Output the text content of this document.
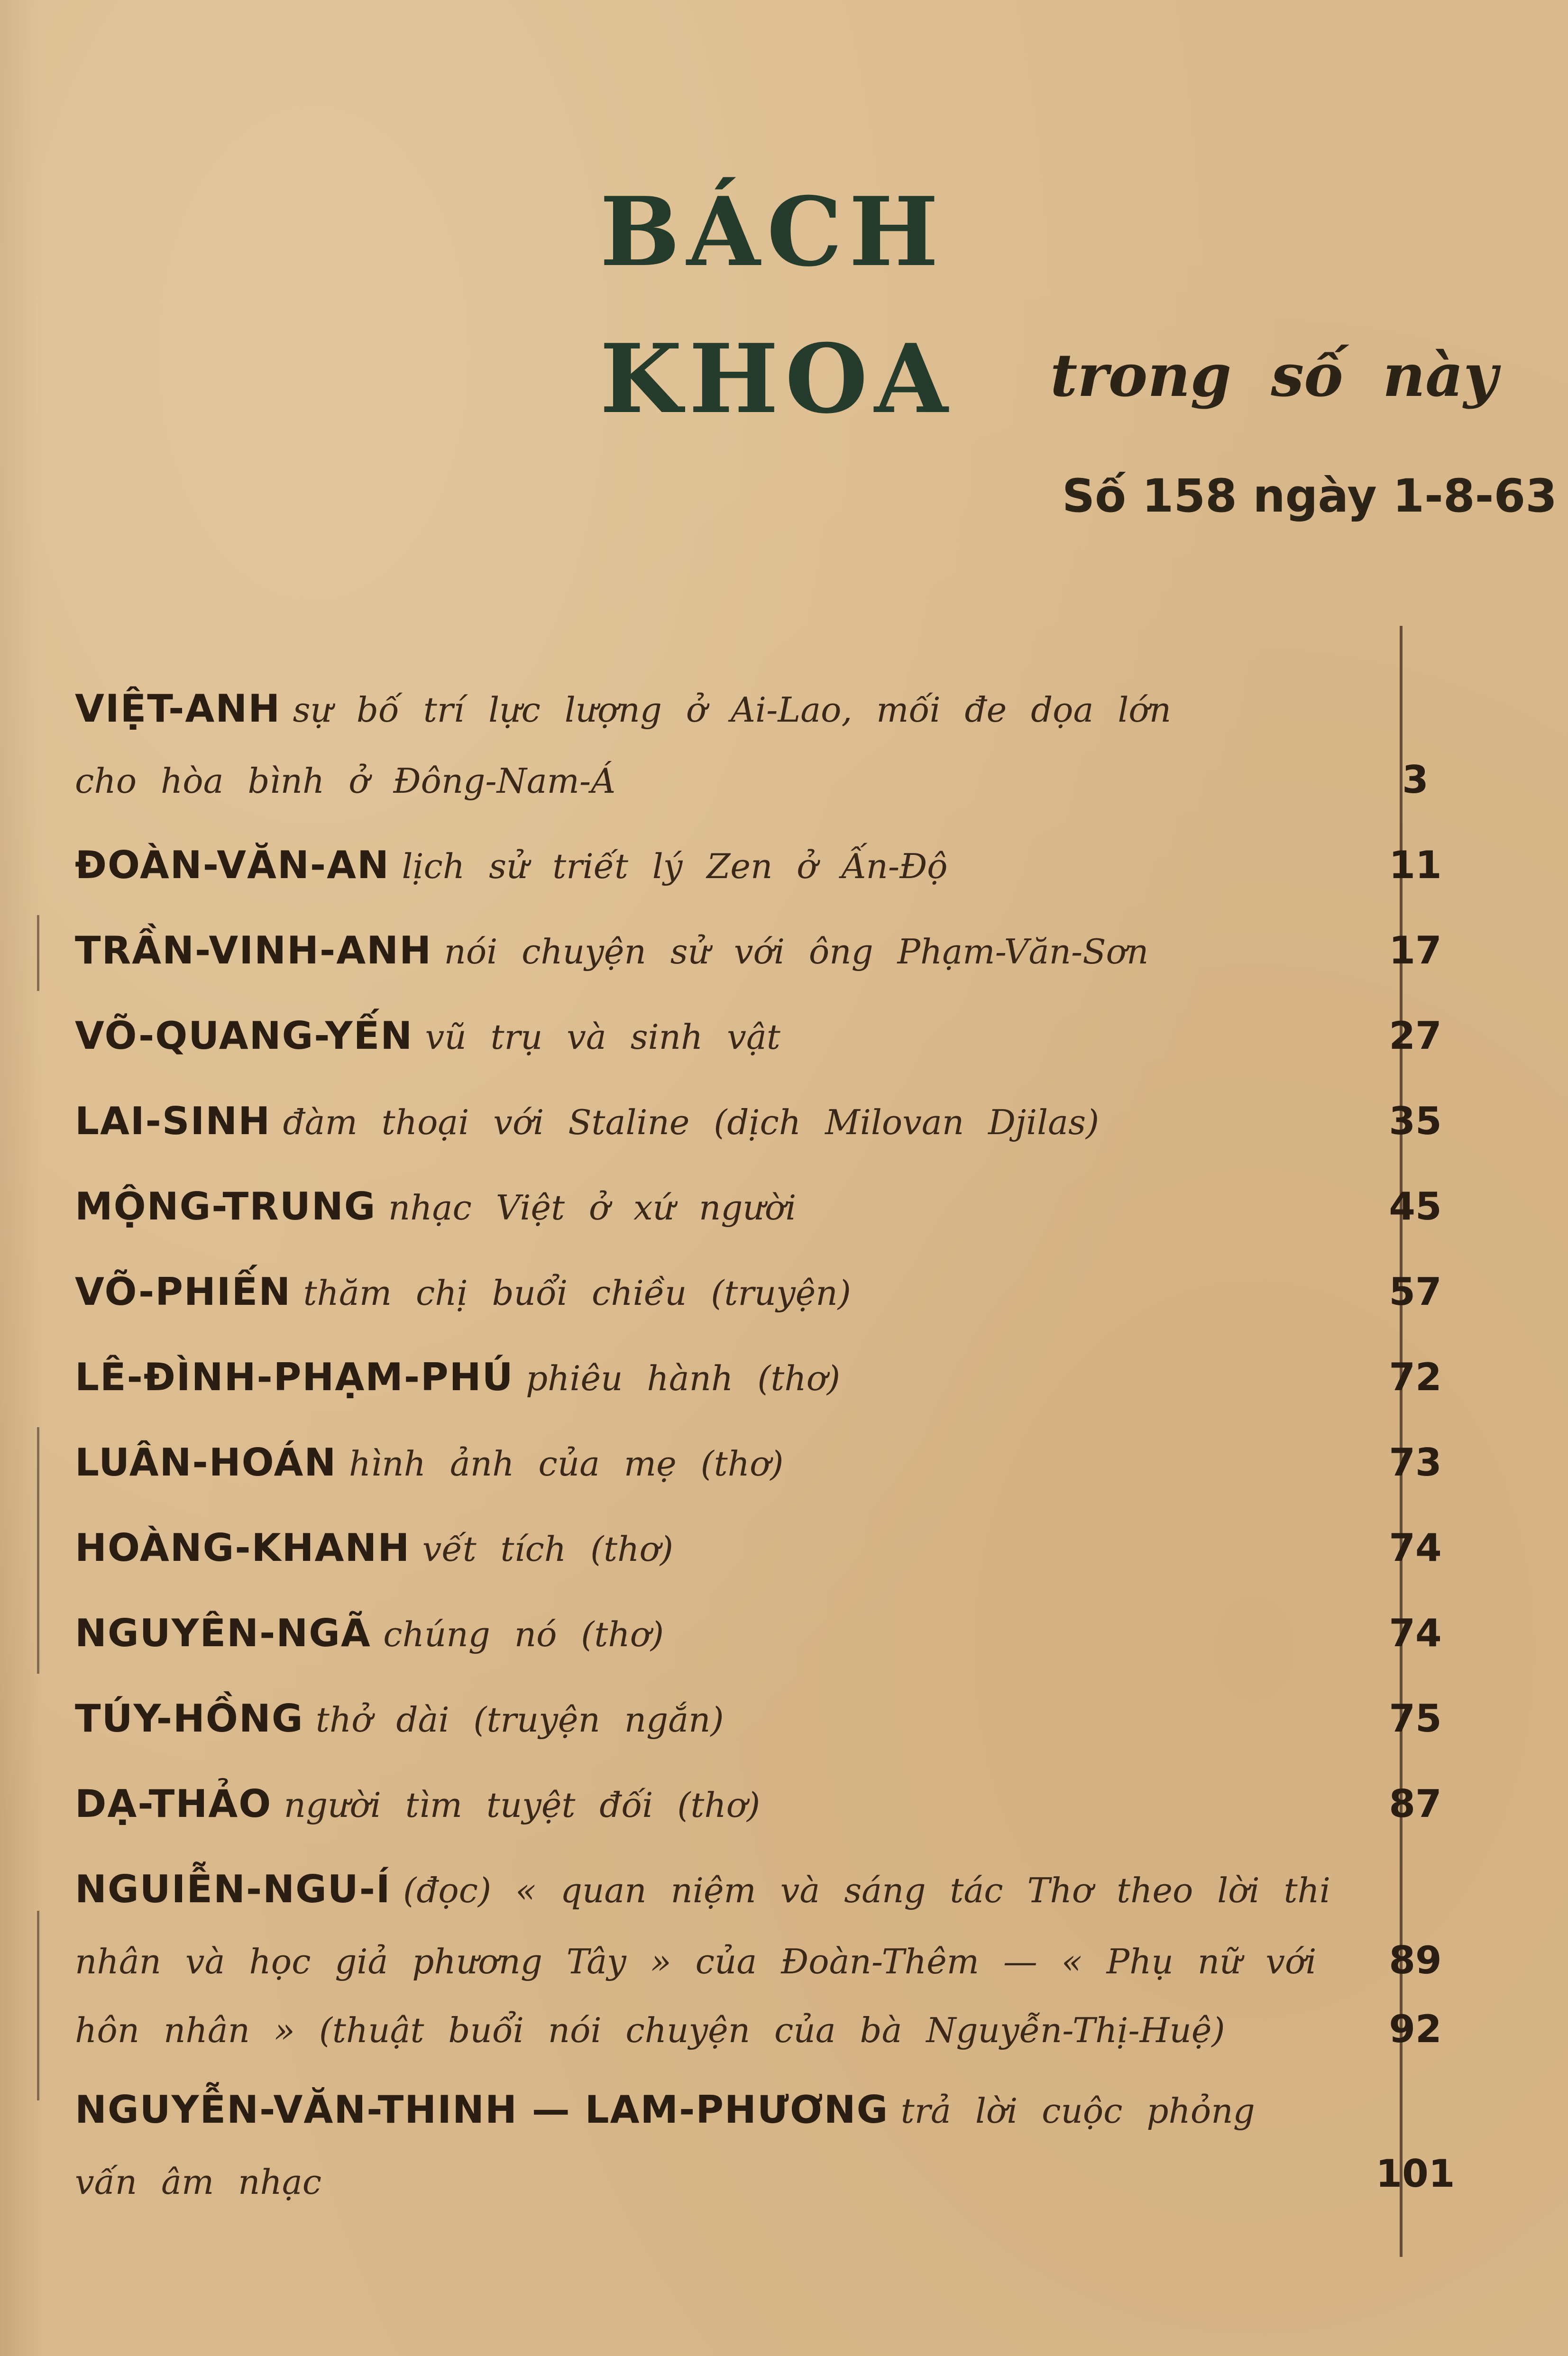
BÁCH
KHOA trong số này
Số 158 ngày 1-8-63
VIỆT-ANH sự bố trí lực lượng ở Ai-Lao, mối đe dọa lớn
cho hòa bình ở Đông-Nam-Á
ĐOÀN-VĂN-AN lịch sử triết lý Zen ở Ấn-Độ
TRẦN-VINH-ANH nói chuyện sử với ông Phạm-Văn-Sơn
VÕ-QUANG-YẾN vũ trụ và sinh vật
LAI-SINH đàm thoại với Staline (dịch Milovan Djilas)
MỘNG-TRUNG nhạc Việt ở xứ người
VÕ-PHIẾN thăm chị buổi chiều (truyện)
LÊ-ĐÌNH-PHẠM-PHÚ phiêu hành (thơ)
LUÂN-HOÁN hình ảnh của mẹ (thơ)
HOÀNG-KHANH vết tích (thơ)
NGUYÊN-NGÃ chúng nó (thơ)
TÚY-HỒNG thở dài (truyện ngắn)
DẠ-THẢO người tìm tuyệt đối (thơ)
NGUIỄN-NGU-Í (đọc) « quan niệm và sáng tác Thơ theo lời thi
nhân và học giả phương Tây » của Đoàn-Thêm — « Phụ nữ với
hôn nhân » (thuật buổi nói chuyện của bà Nguyễn-Thị-Huệ)
NGUYỄN-VĂN-THINH — LAM-PHƯƠNG trả lời cuộc phỏng
vấn âm nhạc
3
11
17
27
35
45
57
72
73
74
74
75
87
89
92
101
